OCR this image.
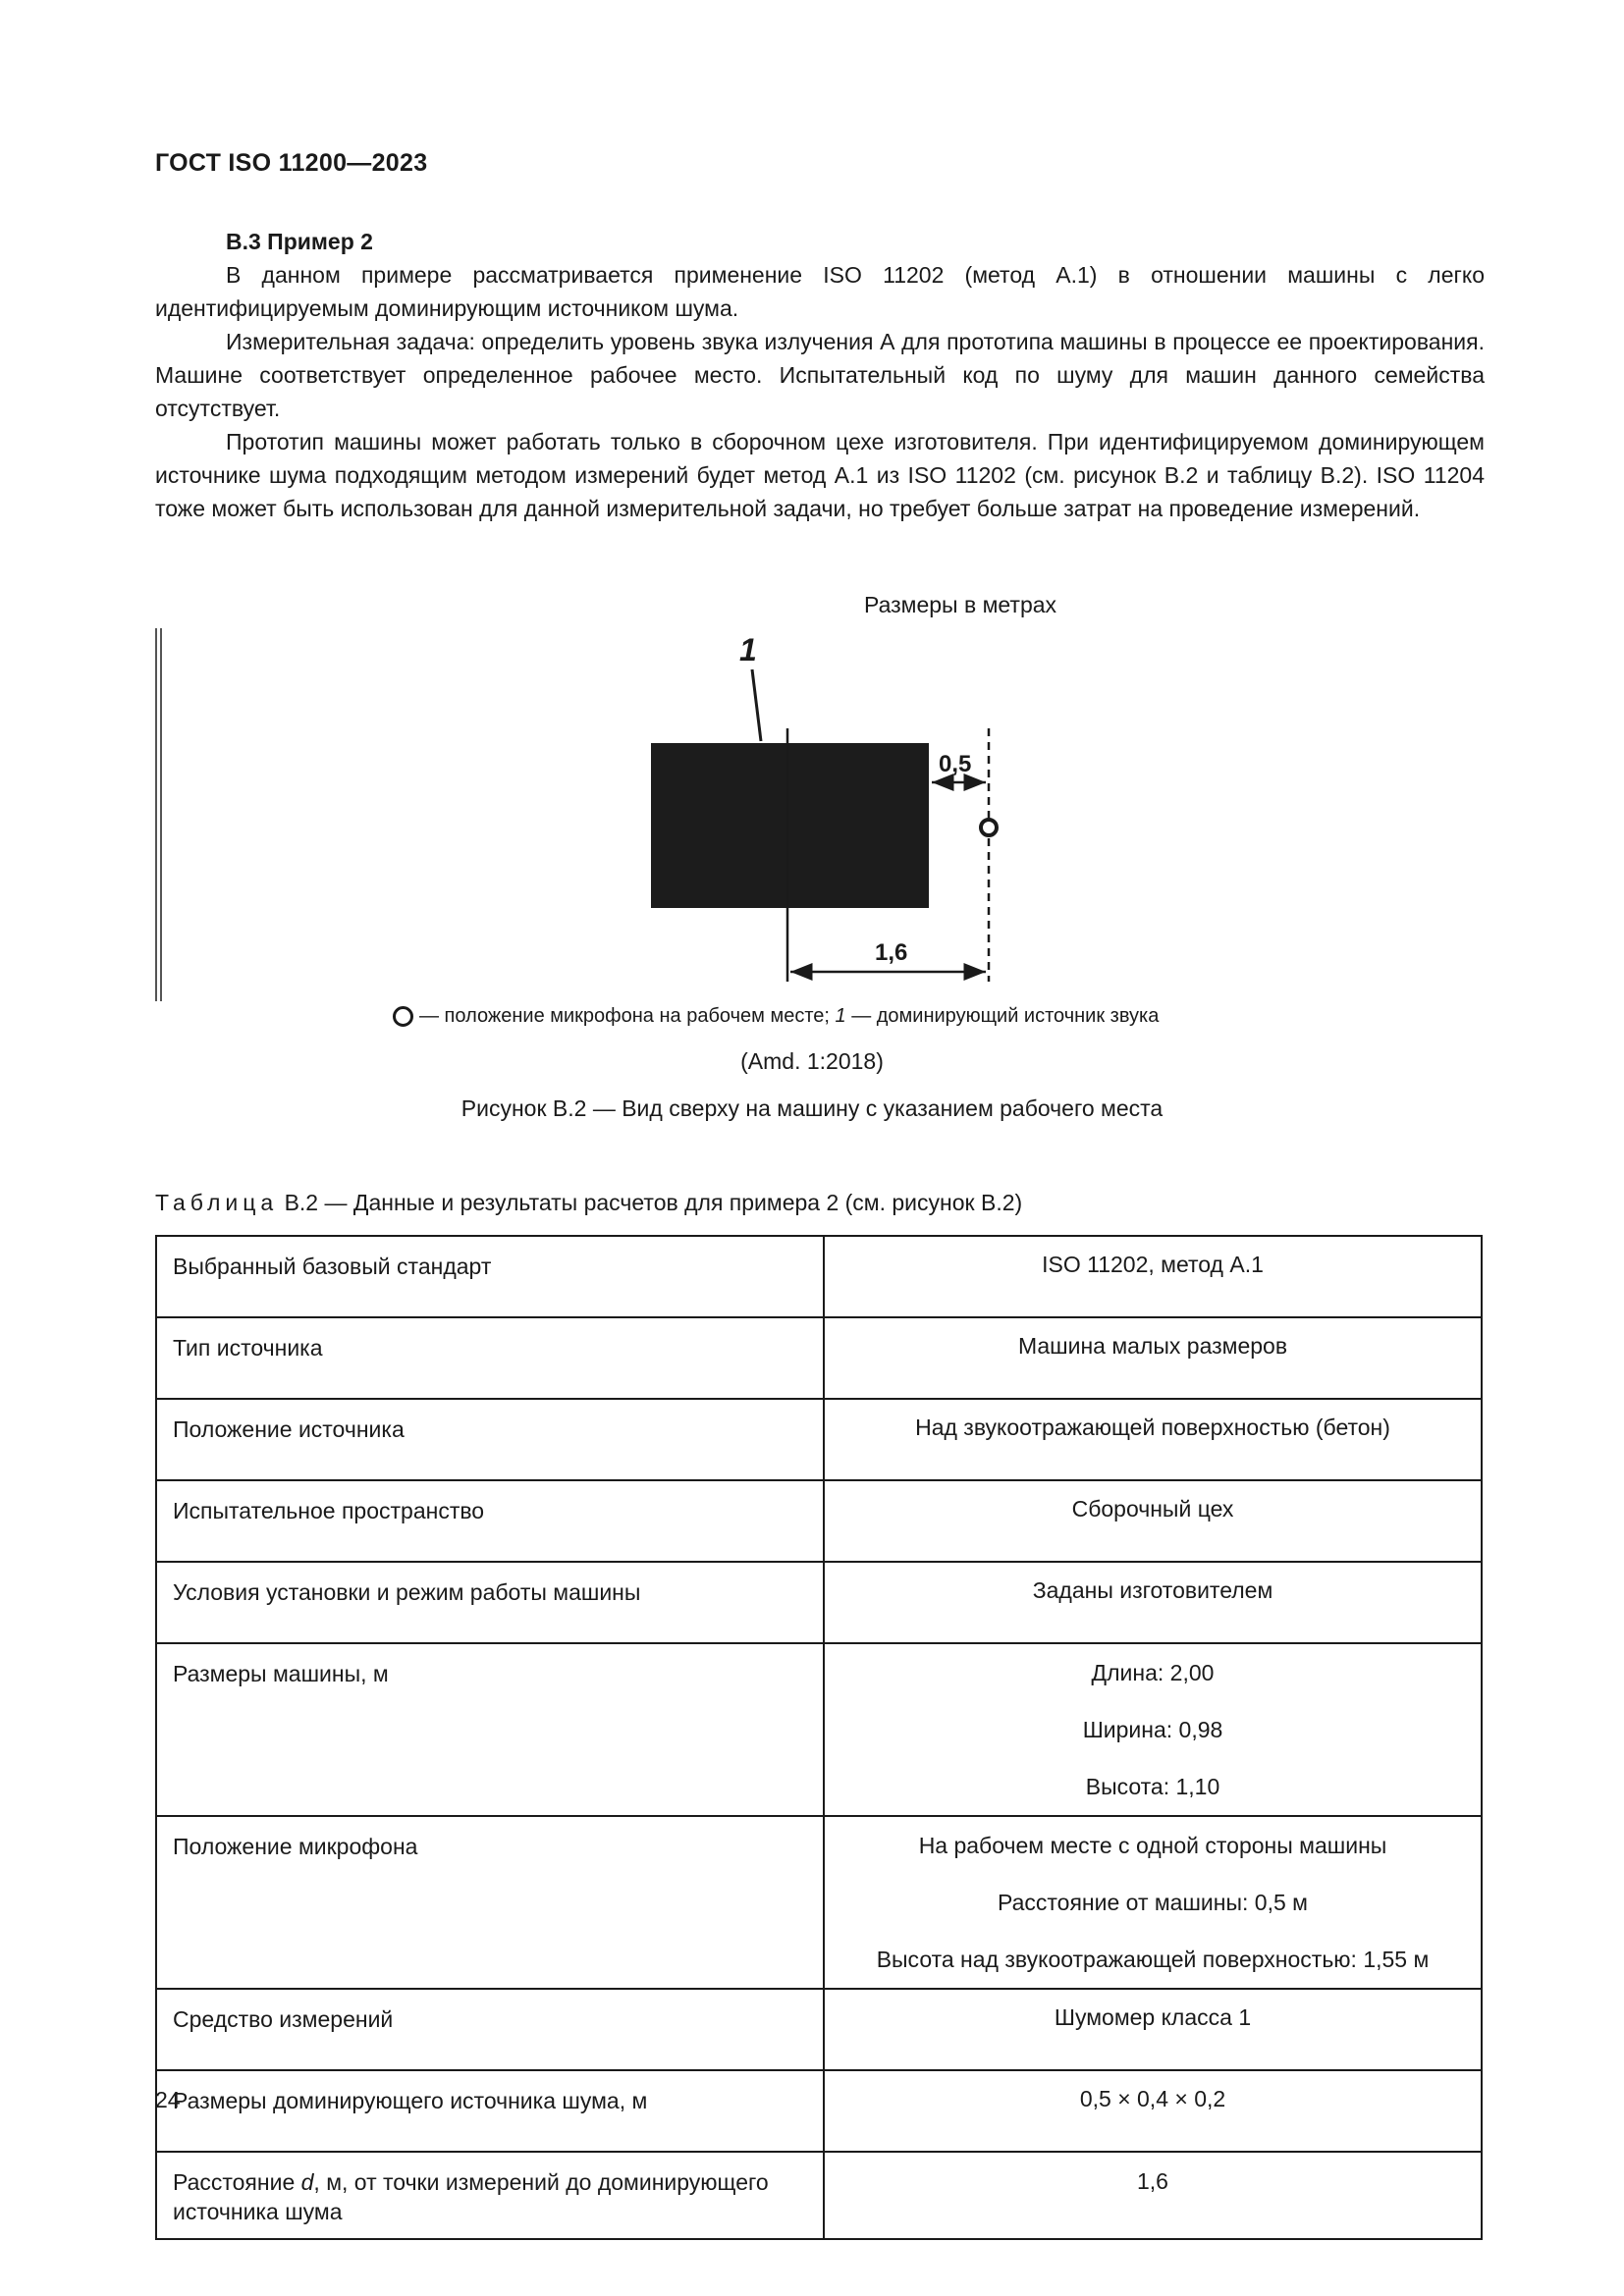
ГОСТ ISO 11200—2023
B.3 Пример 2

В данном примере рассматривается применение ISO 11202 (метод A.1) в отношении машины с легко идентифицируемым доминирующим источником шума.

Измерительная задача: определить уровень звука излучения А для прототипа машины в процессе ее проектирования. Машине соответствует определенное рабочее место. Испытательный код по шуму для машин данного семейства отсутствует.

Прототип машины может работать только в сборочном цехе изготовителя. При идентифицируемом доминирующем источнике шума подходящим методом измерений будет метод A.1 из ISO 11202 (см. рисунок B.2 и таблицу B.2). ISO 11204 тоже может быть использован для данной измерительной задачи, но требует больше затрат на проведение измерений.

Размеры в метрах
1
0,5
1,6
— положение микрофона на рабочем месте; 1 — доминирующий источник звука
(Amd. 1:2018)
Рисунок B.2 — Вид сверху на машину с указанием рабочего места
Таблица B.2 — Данные и результаты расчетов для примера 2 (см. рисунок B.2)
Выбранный базовый стандарт	ISO 11202, метод A.1
Тип источника	Машина малых размеров
Положение источника	Над звукоотражающей поверхностью (бетон)
Испытательное пространство	Сборочный цех
Условия установки и режим работы машины	Заданы изготовителем
Размеры машины, м	Длина: 2,00
Ширина: 0,98
Высота: 1,10

Положение микрофона	На рабочем месте с одной стороны машины
Расстояние от машины: 0,5 м
Высота над звукоотражающей поверхностью: 1,55 м

Средство измерений	Шумомер класса 1
Размеры доминирующего источника шума, м	0,5 × 0,4 × 0,2
Расстояние d, м, от точки измерений до доминирующего источника шума	1,6
24
